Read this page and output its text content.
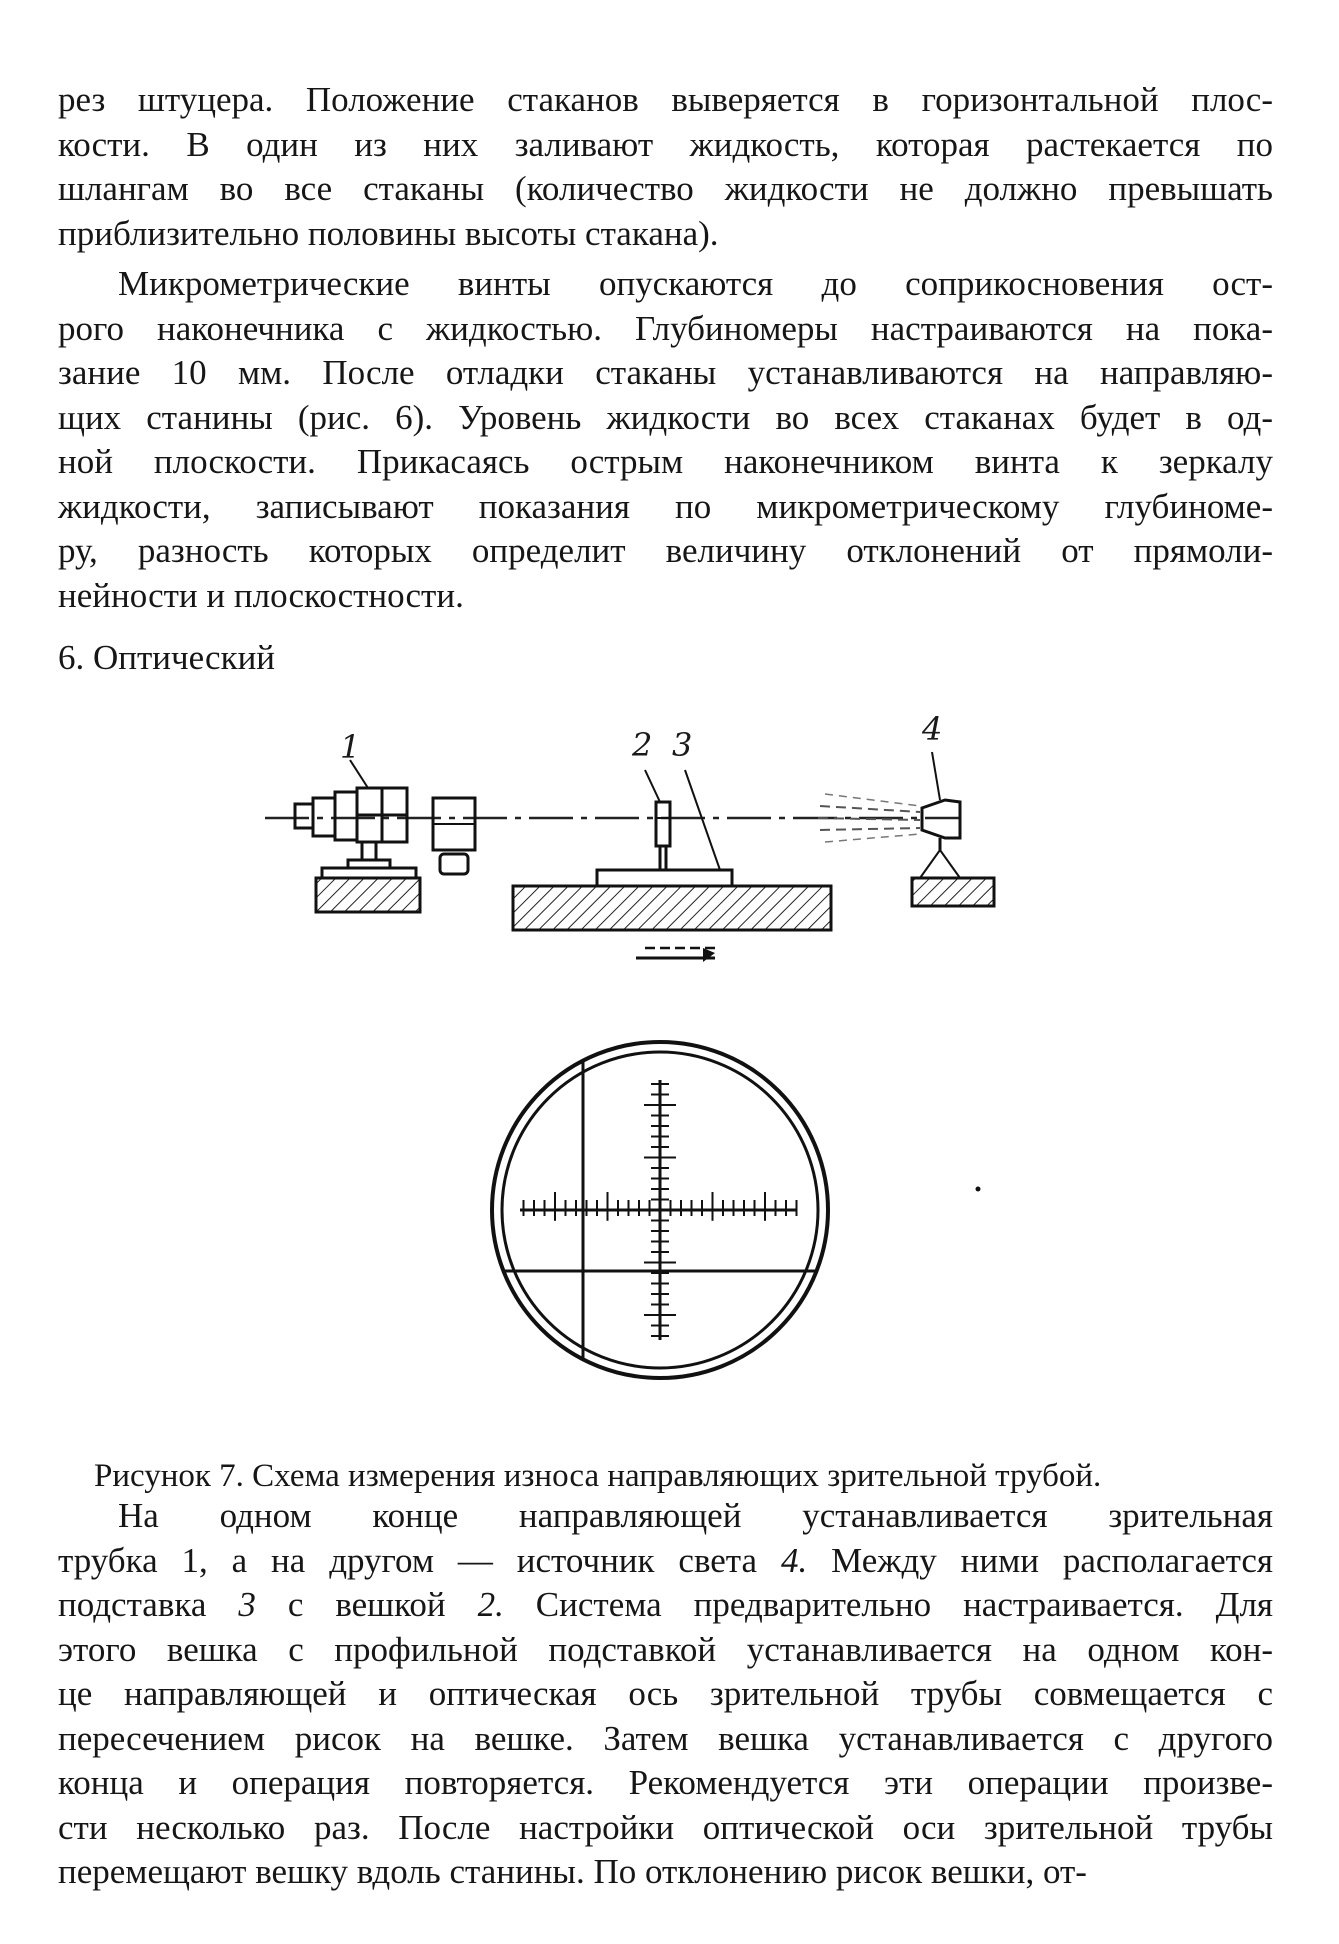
рез штуцера. Положение стаканов выверяется в горизонтальной плос-
кости. В один из них заливают жидкость, которая растекается по
шлангам во все стаканы (количество жидкости не должно превышать
приблизительно половины высоты стакана).
Микрометрические винты опускаются до соприкосновения ост-
рого наконечника с жидкостью. Глубиномеры настраиваются на пока-
зание 10 мм. После отладки стаканы устанавливаются на направляю-
щих станины (рис. 6). Уровень жидкости во всех стаканах будет в од-
ной плоскости. Прикасаясь острым наконечником винта к зеркалу
жидкости, записывают показания по микрометрическому глубиноме-
ру, разность которых определит величину отклонений от прямоли-
нейности и плоскостности.

6. Оптический

1	2 3	4

Рисунок 7. Схема измерения износа направляющих зрительной трубой.

На одном конце направляющей устанавливается зрительная
трубка 1, а на другом — источник света 4. Между ними располагается
подставка 3 с вешкой 2. Система предварительно настраивается. Для
этого вешка с профильной подставкой устанавливается на одном кон-
це направляющей и оптическая ось зрительной трубы совмещается с
пересечением рисок на вешке. Затем вешка устанавливается с другого
конца и операция повторяется. Рекомендуется эти операции произве-
сти несколько раз. После настройки оптической оси зрительной трубы
перемещают вешку вдоль станины. По отклонению рисок вешки, от-
